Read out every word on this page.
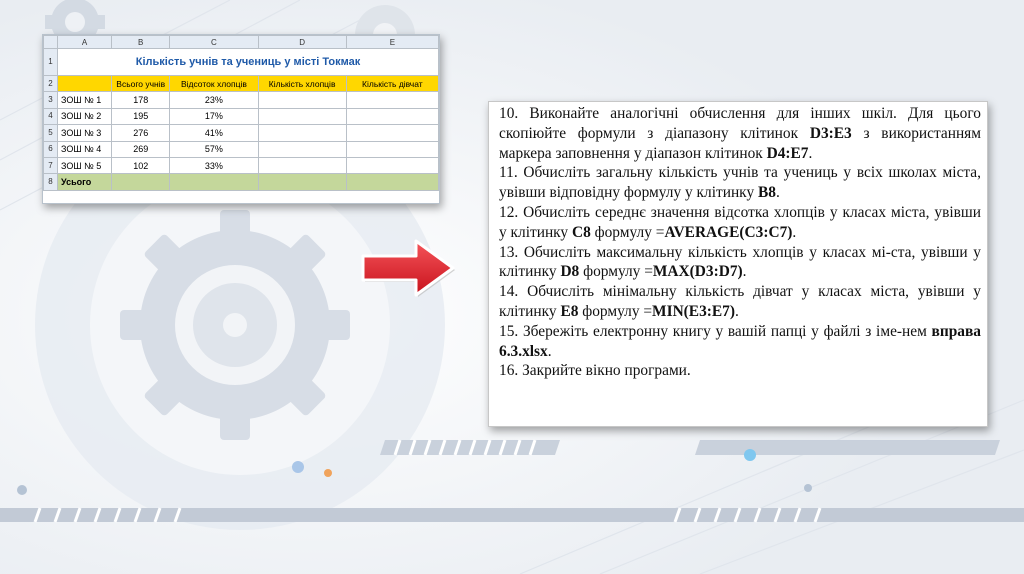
	A	B	C	D	E
1	Кількість учнів та учениць у місті Токмак				
2		Всього учнів	Відсоток хлопців	Кількість хлопців	Кількість дівчат
3	ЗОШ № 1	178	23%		
4	ЗОШ № 2	195	17%		
5	ЗОШ № 3	276	41%		
6	ЗОШ № 4	269	57%		
7	ЗОШ № 5	102	33%		
8	Усього				

10. Виконайте аналогічні обчислення для інших шкіл. Для цього скопіюйте формули з діапазону клітинок D3:E3 з використанням маркера заповнення у діапазон клітинок D4:E7.

11. Обчисліть загальну кількість учнів та учениць у всіх школах міста, увівши відповідну формулу у клітинку B8.

12. Обчисліть середнє значення відсотка хлопців у класах міста, увівши у клітинку C8 формулу =AVERAGE(C3:C7).

13. Обчисліть максимальну кількість хлопців у класах мі-ста, увівши у клітинку D8 формулу =MAX(D3:D7).

14. Обчисліть мінімальну кількість дівчат у класах міста, увівши у клітинку E8 формулу =MIN(E3:E7).

15. Збережіть електронну книгу у вашій папці у файлі з іме-нем вправа 6.3.xlsx.

16. Закрийте вікно програми.
